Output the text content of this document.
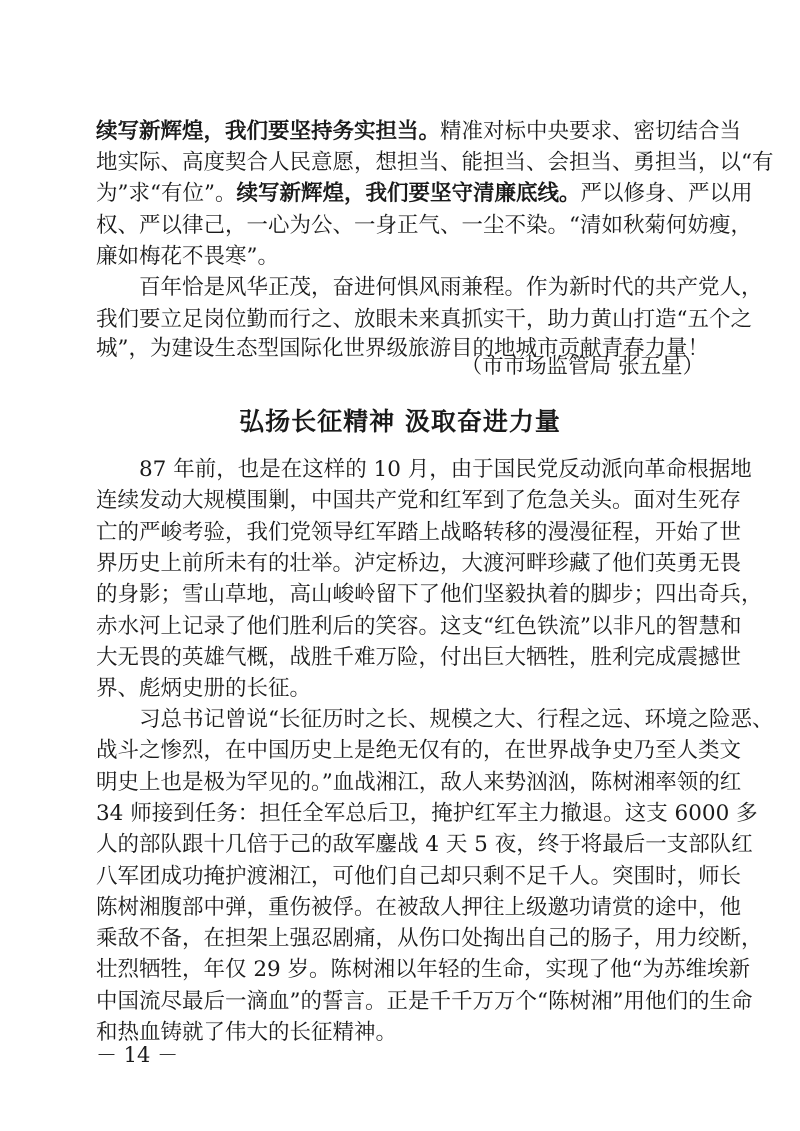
续写新辉煌，我们要坚持务实担当。精准对标中央要求、密切结合当
地实际、高度契合人民意愿，想担当、能担当、会担当、勇担当，以“有
为”求“有位”。续写新辉煌，我们要坚守清廉底线。严以修身、严以用
权、严以律己，一心为公、一身正气、一尘不染。“清如秋菊何妨瘦，
廉如梅花不畏寒”。
百年恰是风华正茂，奋进何惧风雨兼程。作为新时代的共产党人，
我们要立足岗位勤而行之、放眼未来真抓实干，助力黄山打造“五个之
城”，为建设生态型国际化世界级旅游目的地城市贡献青春力量！
（市市场监管局 张五星）
弘扬长征精神 汲取奋进力量
－ 14 －
习总书记曾说“长征历时之长、规模之大、行程之远、环境之险恶、
战斗之惨烈，在中国历史上是绝无仅有的，在世界战争史乃至人类文
明史上也是极为罕见的。”血战湘江，敌人来势汹汹，陈树湘率领的红
34 师接到任务：担任全军总后卫，掩护红军主力撤退。这支 6000 多
人的部队跟十几倍于己的敌军鏖战 4 天 5 夜，终于将最后一支部队红
八军团成功掩护渡湘江，可他们自己却只剩不足千人。突围时，师长
陈树湘腹部中弹，重伤被俘。在被敌人押往上级邀功请赏的途中，他
乘敌不备，在担架上强忍剧痛，从伤口处掏出自己的肠子，用力绞断，
壮烈牺牲，年仅 29 岁。陈树湘以年轻的生命，实现了他“为苏维埃新
中国流尽最后一滴血”的誓言。正是千千万万个“陈树湘”用他们的生命
和热血铸就了伟大的长征精神。
87 年前，也是在这样的 10 月，由于国民党反动派向革命根据地
连续发动大规模围剿，中国共产党和红军到了危急关头。面对生死存
亡的严峻考验，我们党领导红军踏上战略转移的漫漫征程，开始了世
界历史上前所未有的壮举。泸定桥边，大渡河畔珍藏了他们英勇无畏
的身影；雪山草地，高山峻岭留下了他们坚毅执着的脚步；四出奇兵，
赤水河上记录了他们胜利后的笑容。这支“红色铁流”以非凡的智慧和
大无畏的英雄气概，战胜千难万险，付出巨大牺牲，胜利完成震撼世
界、彪炳史册的长征。
